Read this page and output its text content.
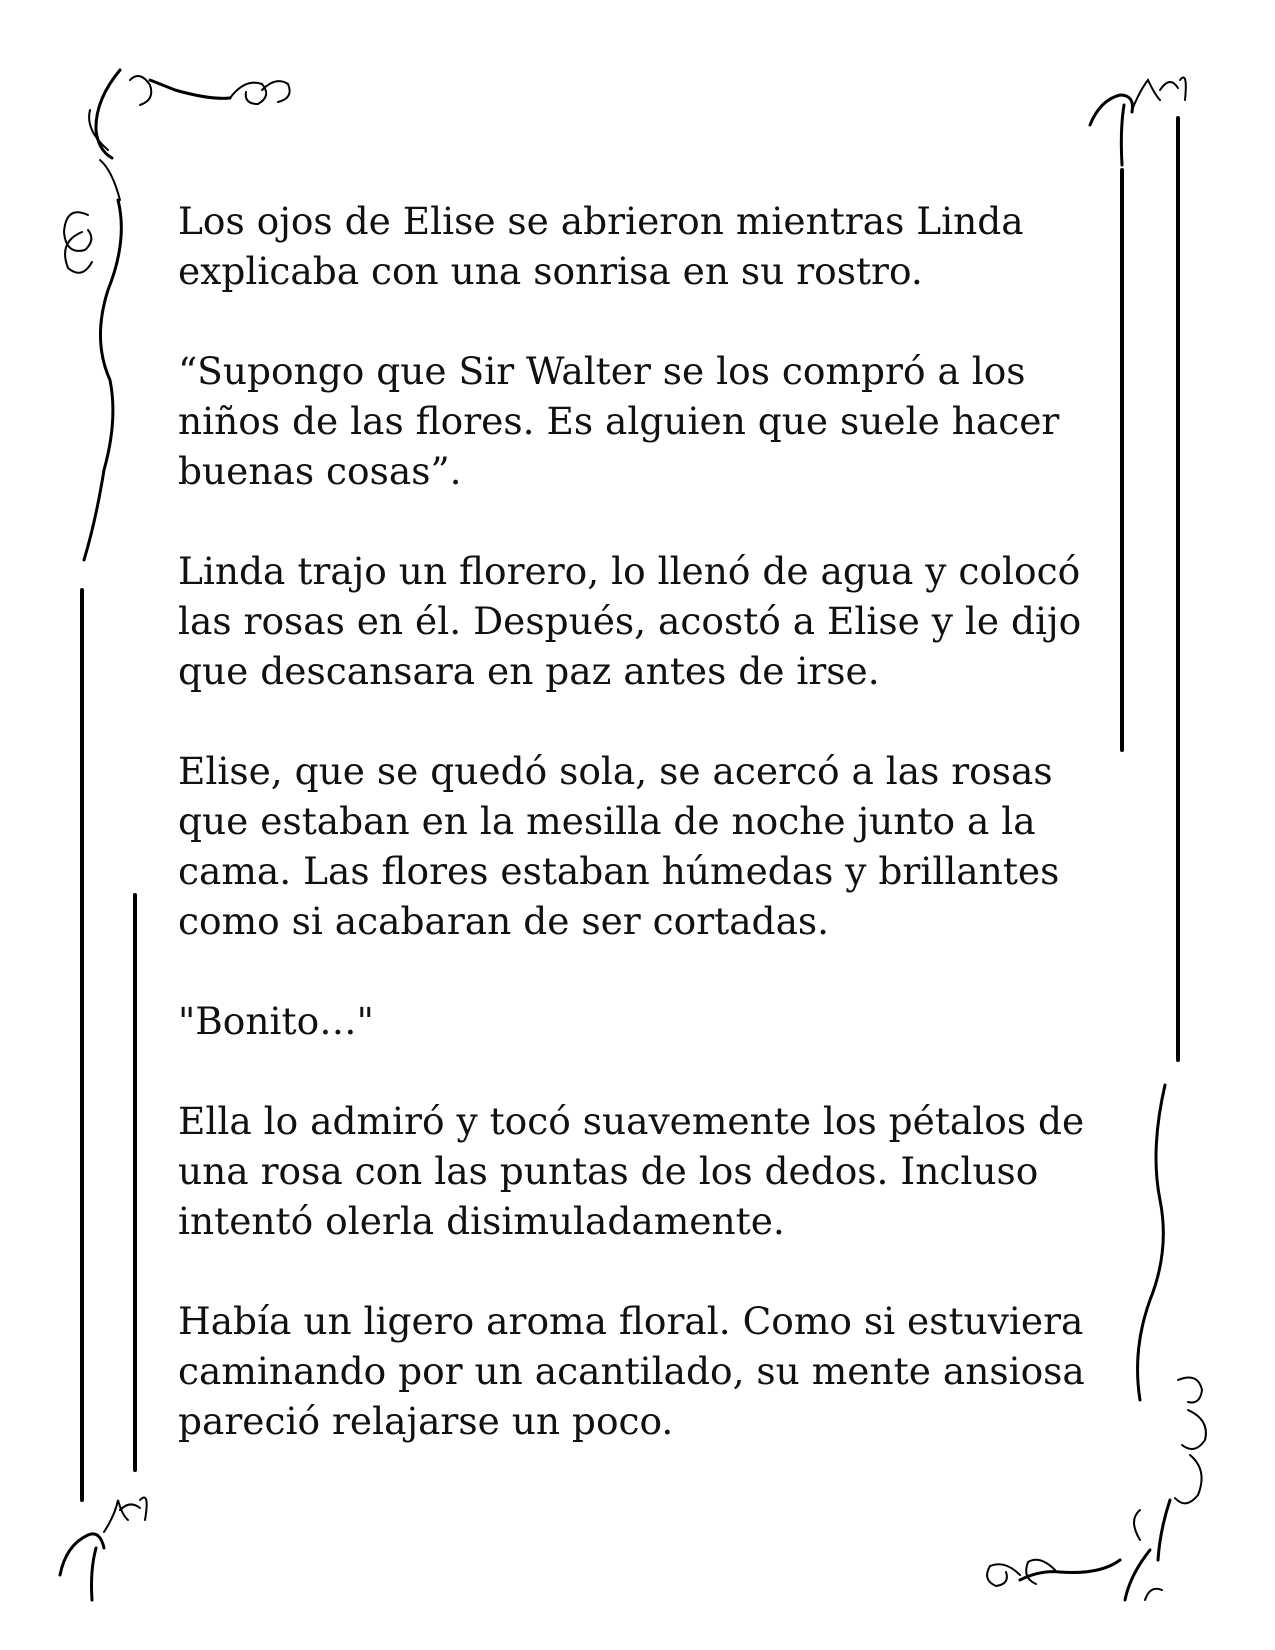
Los ojos de Elise se abrieron mientras Linda
explicaba con una sonrisa en su rostro.

“Supongo que Sir Walter se los compró a los
niños de las flores. Es alguien que suele hacer
buenas cosas”.

Linda trajo un florero, lo llenó de agua y colocó
las rosas en él. Después, acostó a Elise y le dijo
que descansara en paz antes de irse.

Elise, que se quedó sola, se acercó a las rosas
que estaban en la mesilla de noche junto a la
cama. Las flores estaban húmedas y brillantes
como si acabaran de ser cortadas.

"Bonito…"

Ella lo admiró y tocó suavemente los pétalos de
una rosa con las puntas de los dedos. Incluso
intentó olerla disimuladamente.

Había un ligero aroma floral. Como si estuviera
caminando por un acantilado, su mente ansiosa
pareció relajarse un poco.
